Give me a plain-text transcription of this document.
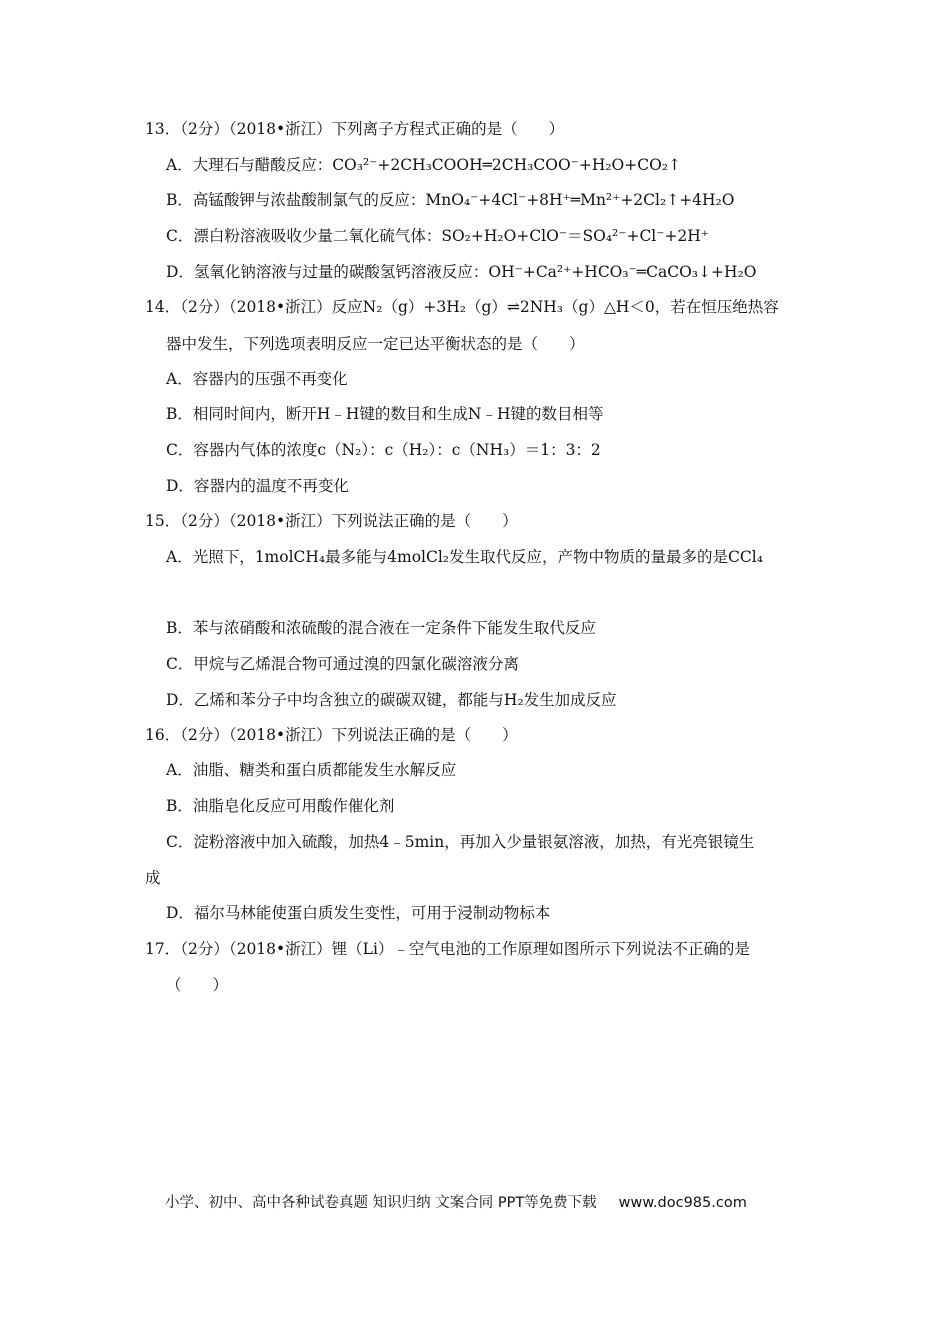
13．（2分）（2018•浙江）下列离子方程式正确的是（　　）
A．大理石与醋酸反应：CO₃²⁻+2CH₃COOH═2CH₃COO⁻+H₂O+CO₂↑
B．高锰酸钾与浓盐酸制氯气的反应：MnO₄⁻+4Cl⁻+8H⁺═Mn²⁺+2Cl₂↑+4H₂O
C．漂白粉溶液吸收少量二氧化硫气体：SO₂+H₂O+ClO⁻＝SO₄²⁻+Cl⁻+2H⁺
D．氢氧化钠溶液与过量的碳酸氢钙溶液反应：OH⁻+Ca²⁺+HCO₃⁻═CaCO₃↓+H₂O
14．（2分）（2018•浙江）反应N₂（g）+3H₂（g）⇌2NH₃（g）△H＜0，若在恒压绝热容
器中发生，下列选项表明反应一定已达平衡状态的是（　　）
A．容器内的压强不再变化
B．相同时间内，断开H﹣H键的数目和生成N﹣H键的数目相等
C．容器内气体的浓度c（N₂）：c（H₂）：c（NH₃）＝1：3：2
D．容器内的温度不再变化
15．（2分）（2018•浙江）下列说法正确的是（　　）
A．光照下，1molCH₄最多能与4molCl₂发生取代反应，产物中物质的量最多的是CCl₄
B．苯与浓硝酸和浓硫酸的混合液在一定条件下能发生取代反应
C．甲烷与乙烯混合物可通过溴的四氯化碳溶液分离
D．乙烯和苯分子中均含独立的碳碳双键，都能与H₂发生加成反应
16．（2分）（2018•浙江）下列说法正确的是（　　）
A．油脂、糖类和蛋白质都能发生水解反应
B．油脂皂化反应可用酸作催化剂
C．淀粉溶液中加入硫酸，加热4﹣5min，再加入少量银氨溶液，加热，有光亮银镜生
成
D．福尔马林能使蛋白质发生变性，可用于浸制动物标本
17．（2分）（2018•浙江）锂（Li）﹣空气电池的工作原理如图所示下列说法不正确的是
（　　）
小学、初中、高中各种试卷真题 知识归纳 文案合同 PPT等免费下载 www.doc985.com
